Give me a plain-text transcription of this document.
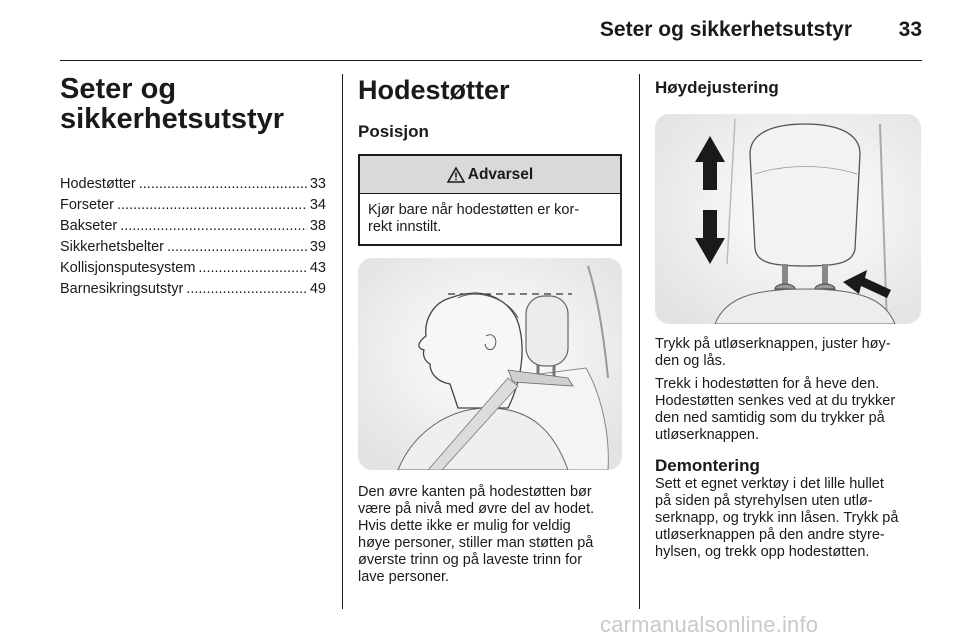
Seter og sikkerhetsutstyr 33
Seter og
sikkerhetsutstyr
Hodestøtter .....	33
Forseter .....	34
Bakseter .....	38
Sikkerhetsbelter .....	39
Kollisjonsputesystem .....	43
Barnesikringsutstyr .....	49
Hodestøtter
Posisjon
Advarsel
Kjør bare når hodestøtten er kor-
rekt innstilt.
Den øvre kanten på hodestøtten bør
være på nivå med øvre del av hodet.
Hvis dette ikke er mulig for veldig
høye personer, stiller man støtten på
øverste trinn og på laveste trinn for
lave personer.
Høydejustering
Trykk på utløserknappen, juster høy-
den og lås.
Trekk i hodestøtten for å heve den.
Hodestøtten senkes ved at du trykker
den ned samtidig som du trykker på
utløserknappen.
Demontering
Sett et egnet verktøy i det lille hullet
på siden på styrehylsen uten utlø-
serknapp, og trykk inn låsen. Trykk på
utløserknappen på den andre styre-
hylsen, og trekk opp hodestøtten.
carmanualsonline.info
